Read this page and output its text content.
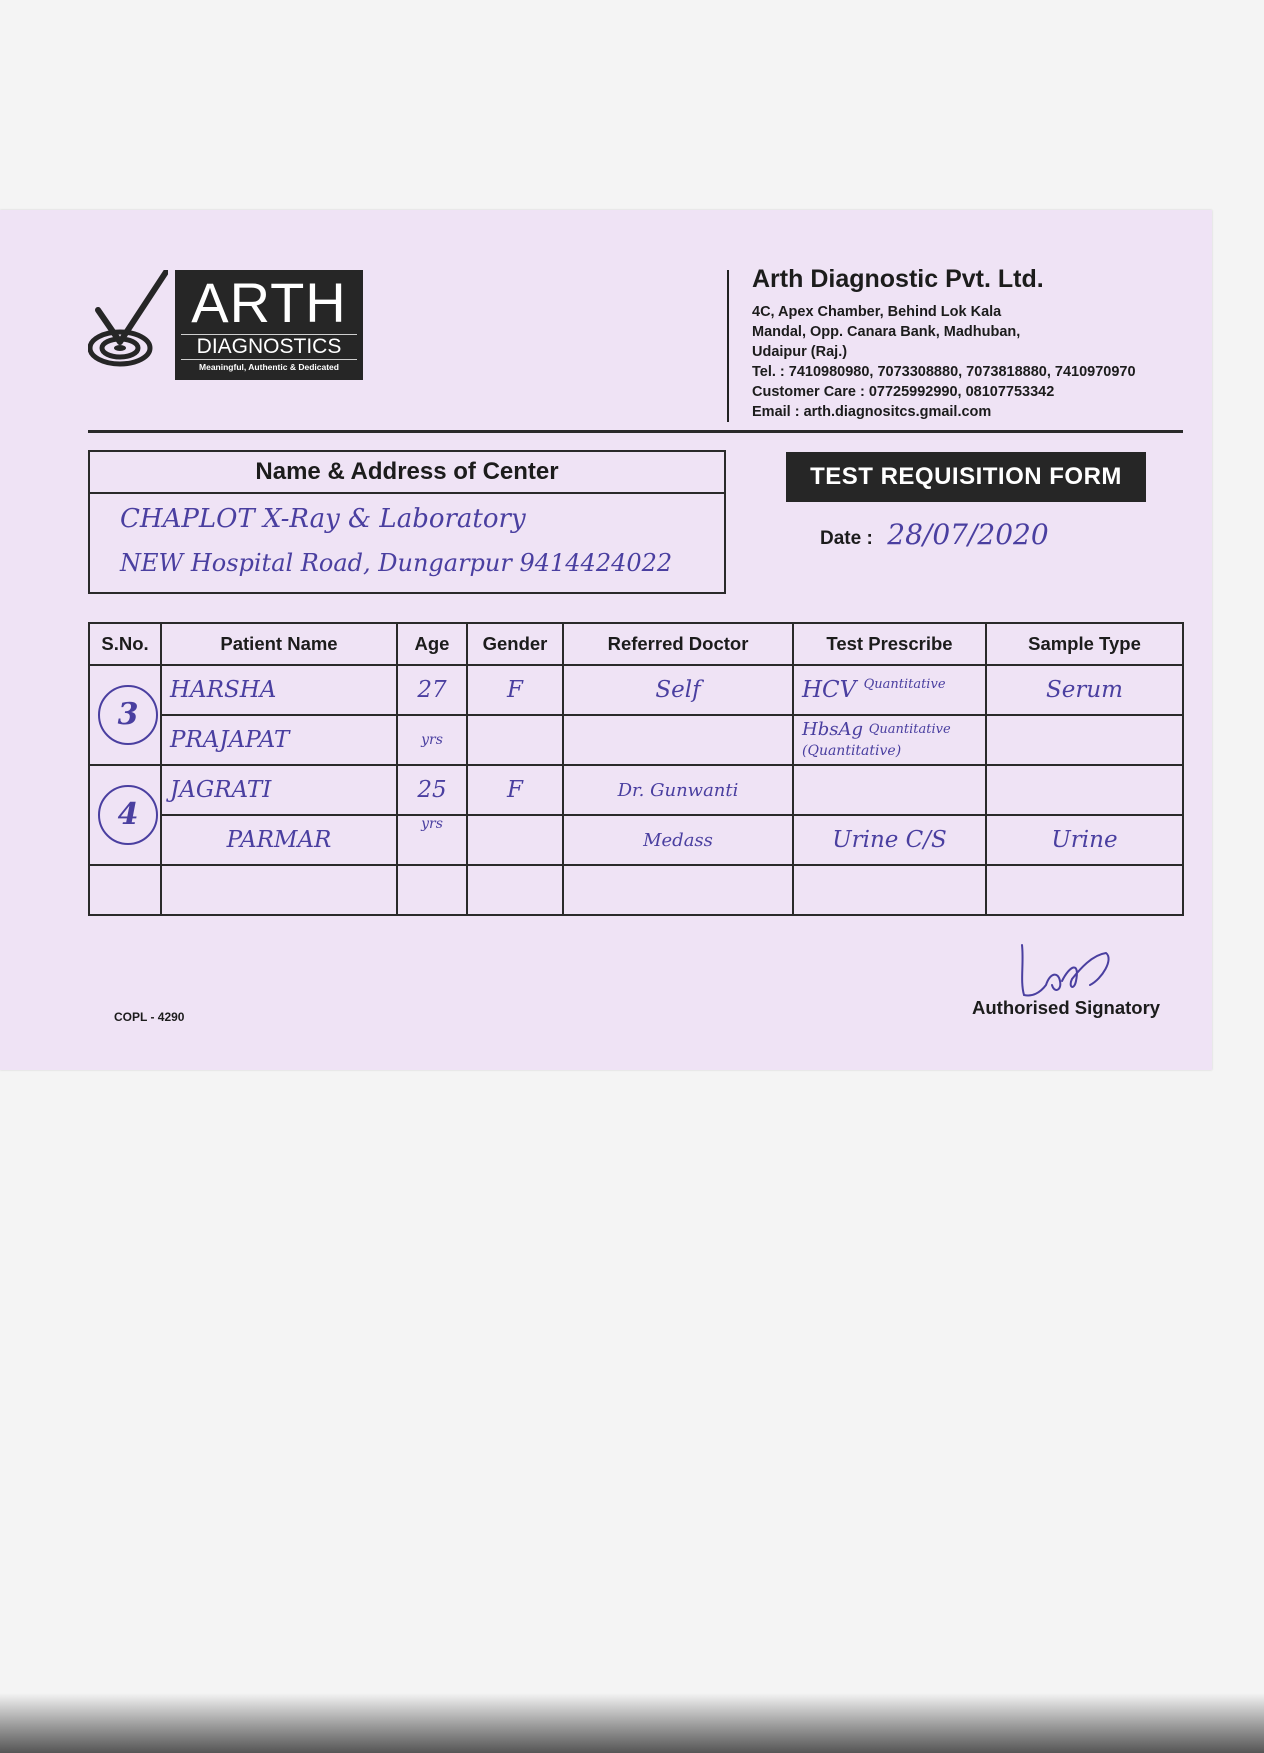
ARTH
DIAGNOSTICS
Meaningful, Authentic & Dedicated
Arth Diagnostic Pvt. Ltd.
4C, Apex Chamber, Behind Lok Kala
Mandal, Opp. Canara Bank, Madhuban,
Udaipur (Raj.)
Tel. : 7410980980, 7073308880, 7073818880, 7410970970
Customer Care : 07725992990, 08107753342
Email : arth.diagnositcs.gmail.com
Name & Address of Center
CHAPLOT X-Ray & Laboratory
NEW Hospital Road, Dungarpur 9414424022
TEST REQUISITION FORM
Date : 28/07/2020
S.No.	Patient Name	Age	Gender	Referred Doctor	Test Prescribe	Sample Type
3	HARSHA	27	F	Self	HCV $^{Quantitative}$	Serum
	PRAJAPAT	yrs			HbsAg $^{Quantitative}$
(Quantitative)	
4	JAGRATI	25	F	Dr. Gunwanti		
	PARMAR	yrs		Medass	Urine C/S	Urine

COPL - 4290	Authorised Signatory
